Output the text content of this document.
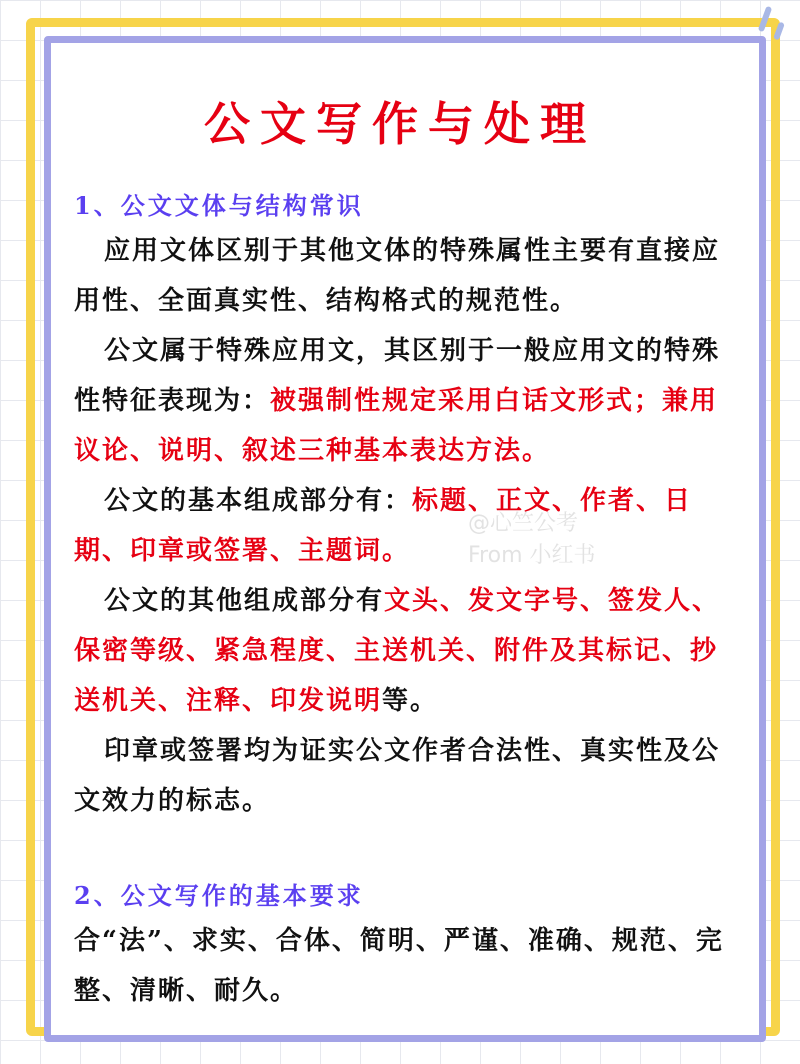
公文写作与处理
1、公文文体与结构常识
应用文体区别于其他文体的特殊属性主要有直接应用性、全面真实性、结构格式的规范性。
公文属于特殊应用文，其区别于一般应用文的特殊性特征表现为：被强制性规定采用白话文形式；兼用议论、说明、叙述三种基本表达方法。
公文的基本组成部分有：标题、正文、作者、日期、印章或签署、主题词。
公文的其他组成部分有文头、发文字号、签发人、保密等级、紧急程度、主送机关、附件及其标记、抄送机关、注释、印发说明等。
印章或签署均为证实公文作者合法性、真实性及公文效力的标志。
2、公文写作的基本要求
合“法”、求实、合体、简明、严谨、准确、规范、完整、清晰、耐久。
@心竺公考
From 小红书
